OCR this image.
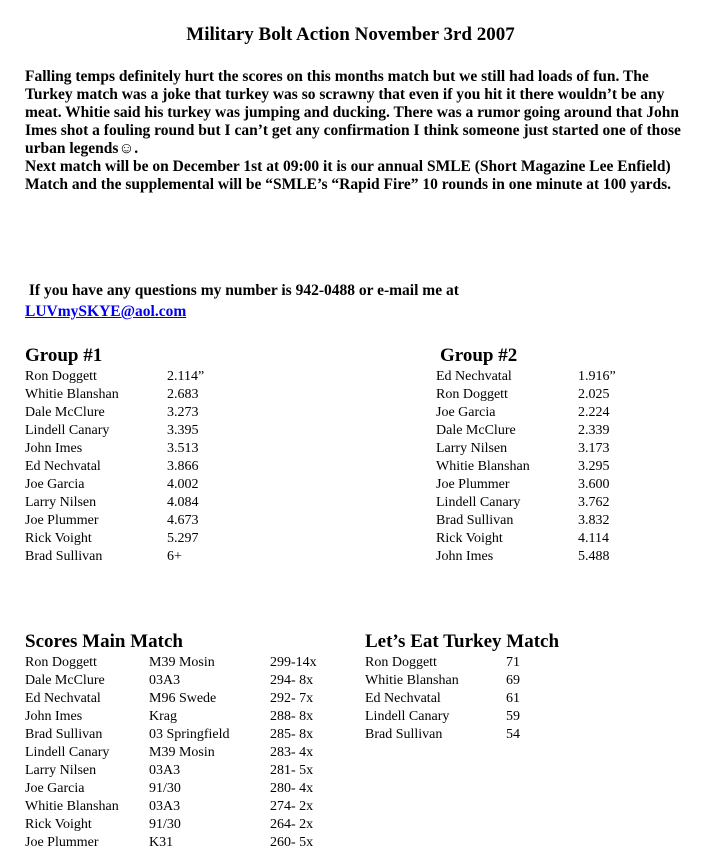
Military Bolt Action November 3rd 2007

Falling temps definitely hurt the scores on this months match but we still had loads of fun. The Turkey match was a joke that turkey was so scrawny that even if you hit it there wouldn’t be any meat. Whitie said his turkey was jumping and ducking. There was a rumor going around that John Imes shot a fouling round but I can’t get any confirmation I think someone just started one of those urban legends☺.

Next match will be on December 1st at 09:00 it is our annual SMLE (Short Magazine Lee Enfield) Match and the supplemental will be “SMLE’s “Rapid Fire” 10 rounds in one minute at 100 yards.

If you have any questions my number is 942-0488 or e-mail me at
LUVmySKYE@aol.com
Group #1
Ron Doggett	2.114”
Whitie Blanshan	2.683
Dale McClure	3.273
Lindell Canary	3.395
John Imes	3.513
Ed Nechvatal	3.866
Joe Garcia	4.002
Larry Nilsen	4.084
Joe Plummer	4.673
Rick Voight	5.297
Brad Sullivan	6+
Group #2
Ed Nechvatal	1.916”
Ron Doggett	2.025
Joe Garcia	2.224
Dale McClure	2.339
Larry Nilsen	3.173
Whitie Blanshan	3.295
Joe Plummer	3.600
Lindell Canary	3.762
Brad Sullivan	3.832
Rick Voight	4.114
John Imes	5.488
Scores Main Match
Ron Doggett	M39 Mosin	299-14x
Dale McClure	03A3	294- 8x
Ed Nechvatal	M96 Swede	292- 7x
John Imes	Krag	288- 8x
Brad Sullivan	03 Springfield	285- 8x
Lindell Canary	M39 Mosin	283- 4x
Larry Nilsen	03A3	281- 5x
Joe Garcia	91/30	280- 4x
Whitie Blanshan	03A3	274- 2x
Rick Voight	91/30	264- 2x
Joe Plummer	K31	260- 5x
Let’s Eat Turkey Match
Ron Doggett	71
Whitie Blanshan	69
Ed Nechvatal	61
Lindell Canary	59
Brad Sullivan	54
